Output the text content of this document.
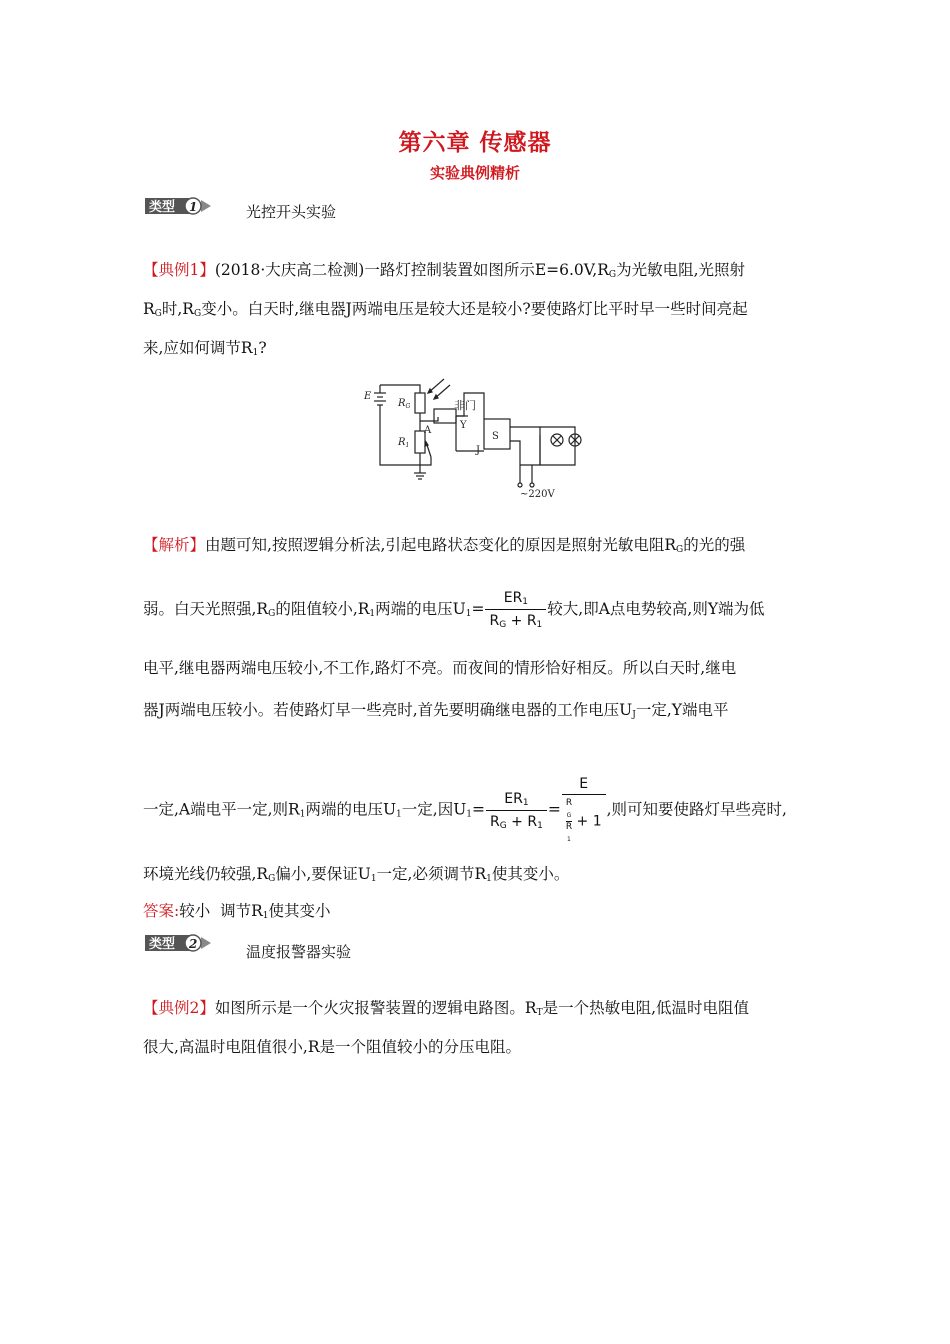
第六章 传感器
实验典例精析
类型 1	光控开头实验
【典例1】(2018·大庆高二检测)一路灯控制装置如图所示$E=6.0V,R_G$为光敏电阻,光照射
$R_G$时$,R_G$变小。白天时,继电器J两端电压是较大还是较小?要使路灯比平时早一些时间亮起
来,应如何调节$R_1$?
E
$R_G$
$R_1$
A
非门
Y
S
J
~220V
【解析】由题可知,按照逻辑分析法,引起电路状态变化的原因是照射光敏电阻$R_G$的光的强
弱。白天光照强$,R_G$的阻值较小$,R_1$两端的电压$U_1= \frac{ER_1}{R_G + R_1}$ 较大,即A点电势较高,则Y端为低
电平,继电器两端电压较小,不工作,路灯不亮。而夜间的情形恰好相反。所以白天时,继电
器J两端电压较小。若使路灯早一些亮时,首先要明确继电器的工作电压$U_J$一定,Y端电平
一定,A端电平一定,则$R_1$两端的电压$U_1$一定,因$U_1= \frac{ER_1}{R_G + R_1} = E$
R
$_G$
R
$_1$ + 1 ,则可知要使路灯早些亮时,
环境光线仍较强$,R_G$偏小,要保证$U_1$一定,必须调节$R_1$使其变小。
答案:较小  调节$R_1$使其变小
类型 2	温度报警器实验
【典例2】如图所示是一个火灾报警装置的逻辑电路图。$R_T$是一个热敏电阻,低温时电阻值
很大,高温时电阻值很小,R是一个阻值较小的分压电阻。
